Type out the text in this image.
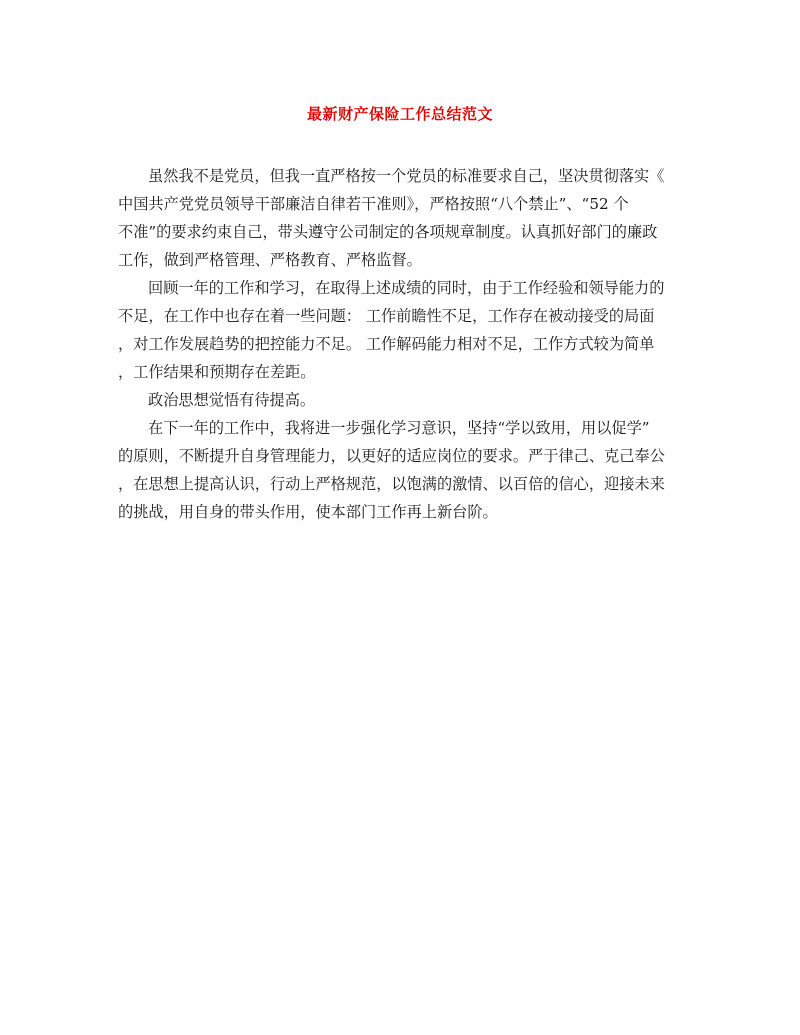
最新财产保险工作总结范文
虽然我不是党员，但我一直严格按一个党员的标准要求自己，坚决贯彻落实《
中国共产党党员领导干部廉洁自律若干准则》，严格按照“八个禁止”、“52 个
不准”的要求约束自己，带头遵守公司制定的各项规章制度。认真抓好部门的廉政
工作，做到严格管理、严格教育、严格监督。
回顾一年的工作和学习，在取得上述成绩的同时，由于工作经验和领导能力的
不足，在工作中也存在着一些问题： 工作前瞻性不足，工作存在被动接受的局面
，对工作发展趋势的把控能力不足。 工作解码能力相对不足，工作方式较为简单
，工作结果和预期存在差距。
政治思想觉悟有待提高。
在下一年的工作中，我将进一步强化学习意识，坚持“学以致用，用以促学”
的原则，不断提升自身管理能力，以更好的适应岗位的要求。严于律己、克己奉公
，在思想上提高认识，行动上严格规范，以饱满的激情、以百倍的信心，迎接未来
的挑战，用自身的带头作用，使本部门工作再上新台阶。
